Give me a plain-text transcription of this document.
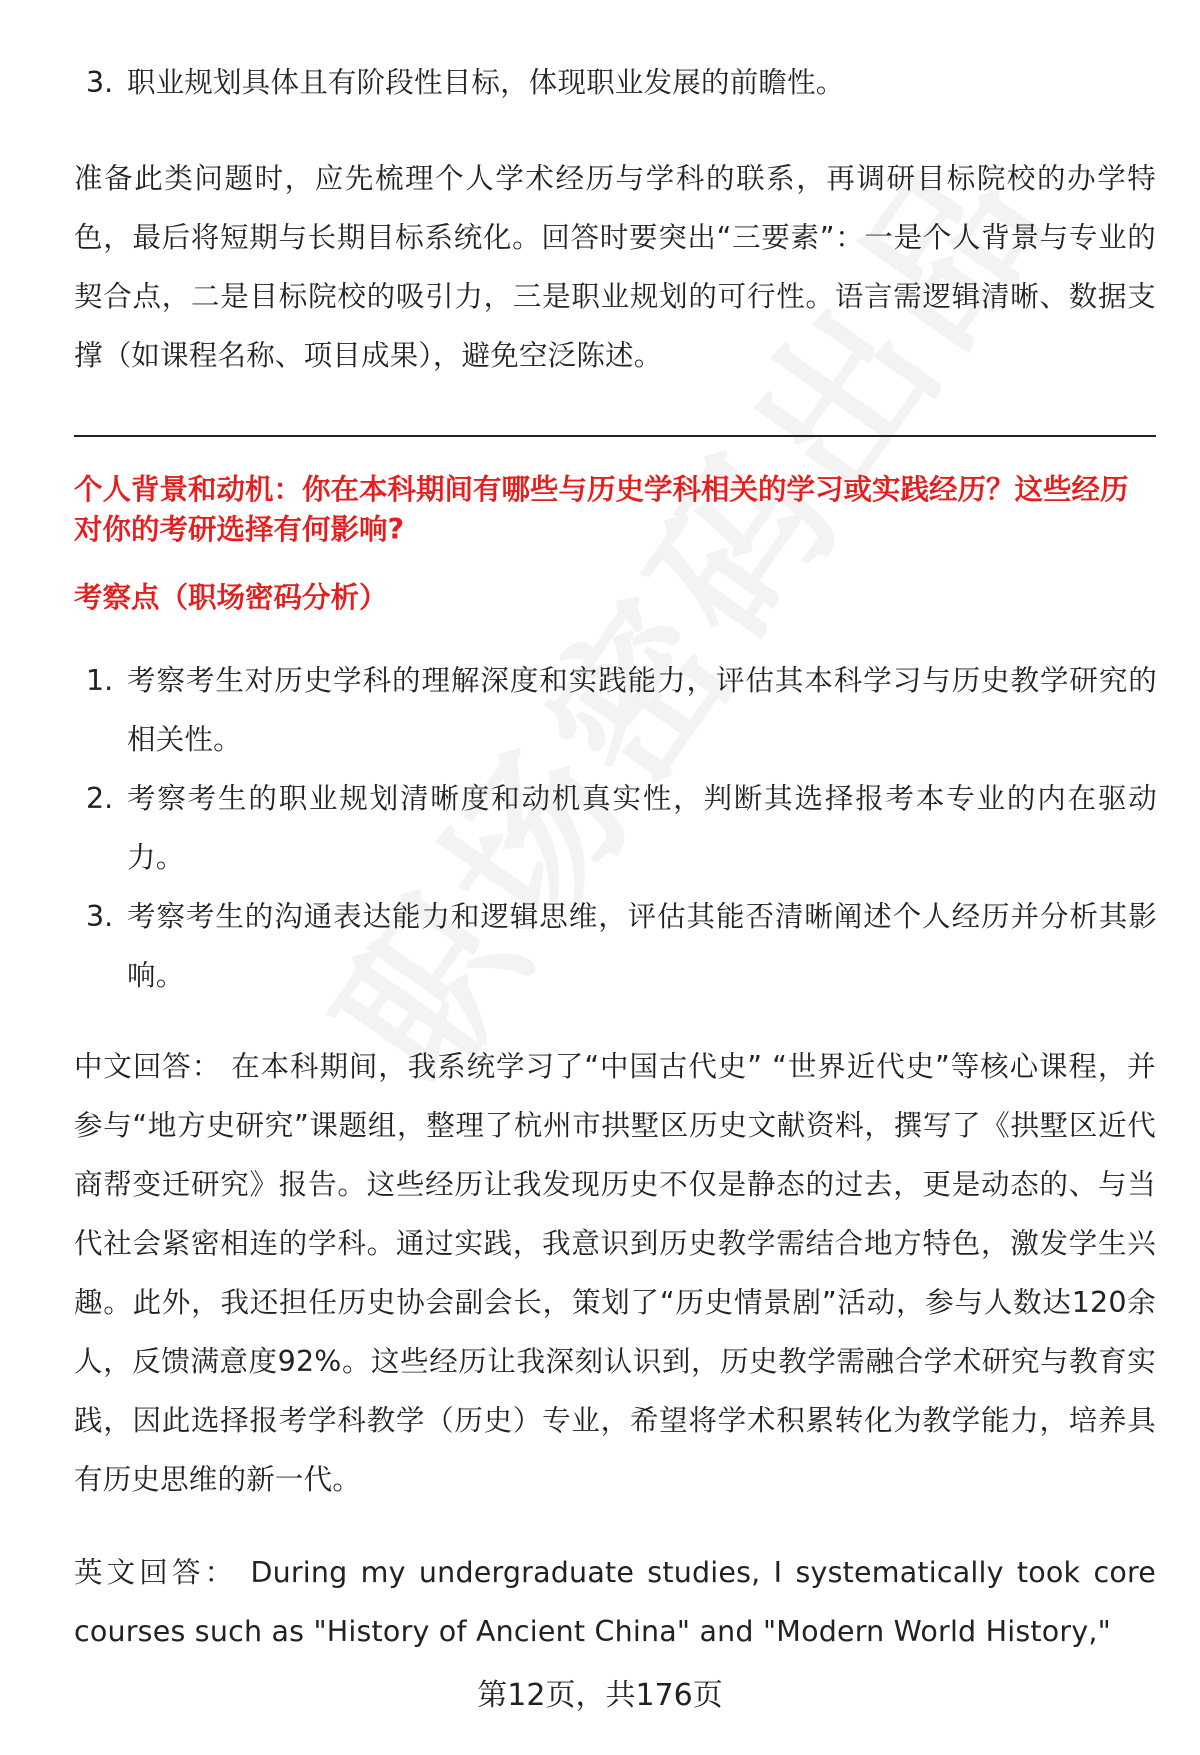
3. 职业规划具体且有阶段性目标，体现职业发展的前瞻性。
准备此类问题时，应先梳理个人学术经历与学科的联系，再调研目标院校的办学特色，最后将短期与长期目标系统化。回答时要突出“三要素”：一是个人背景与专业的契合点，二是目标院校的吸引力，三是职业规划的可行性。语言需逻辑清晰、数据支撑（如课程名称、项目成果），避免空泛陈述。
个人背景和动机：你在本科期间有哪些与历史学科相关的学习或实践经历？这些经历对你的考研选择有何影响?
考察点（职场密码分析）
1. 考察考生对历史学科的理解深度和实践能力，评估其本科学习与历史教学研究的相关性。
2. 考察考生的职业规划清晰度和动机真实性，判断其选择报考本专业的内在驱动力。
3. 考察考生的沟通表达能力和逻辑思维，评估其能否清晰阐述个人经历并分析其影响。
中文回答： 在本科期间，我系统学习了“中国古代史” “世界近代史”等核心课程，并参与“地方史研究”课题组，整理了杭州市拱墅区历史文献资料，撰写了《拱墅区近代商帮变迁研究》报告。这些经历让我发现历史不仅是静态的过去，更是动态的、与当代社会紧密相连的学科。通过实践，我意识到历史教学需结合地方特色，激发学生兴趣。此外，我还担任历史协会副会长，策划了“历史情景剧”活动，参与人数达120余人，反馈满意度92%。这些经历让我深刻认识到，历史教学需融合学术研究与教育实践，因此选择报考学科教学（历史）专业，希望将学术积累转化为教学能力，培养具有历史思维的新一代。
英文回答： During my undergraduate studies, I systematically took core courses such as "History of Ancient China" and "Modern World History,"
第12页，共176页
